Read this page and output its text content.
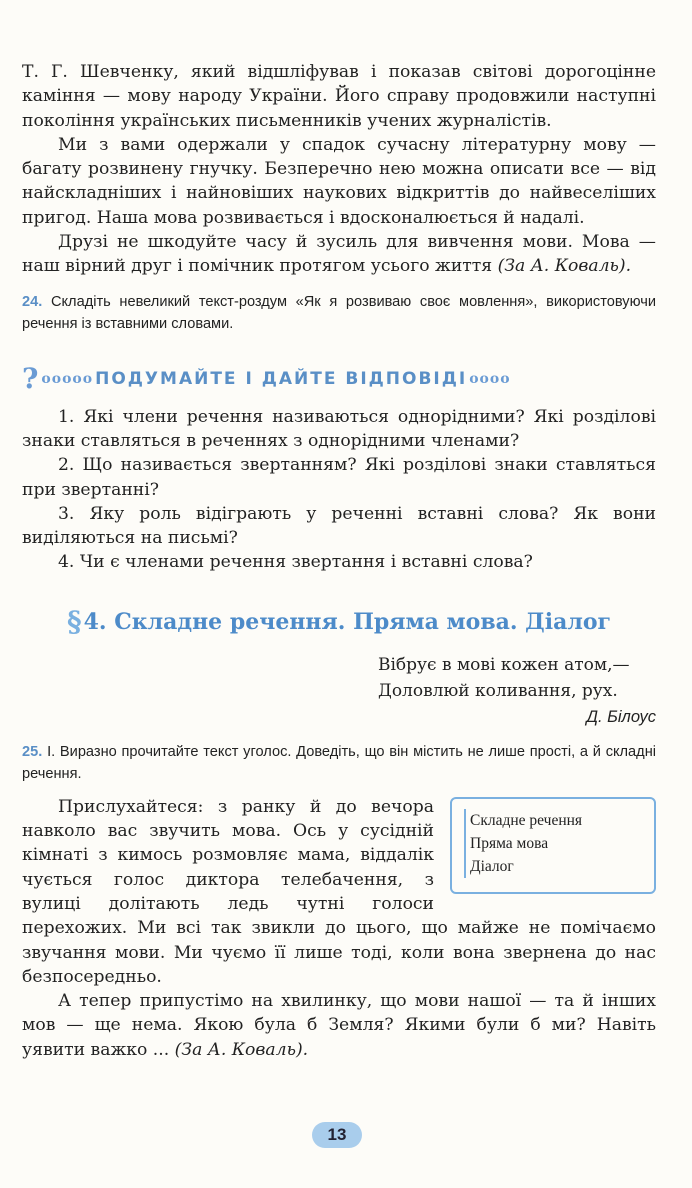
Т. Г. Шевченку, який відшліфував і показав світові дорогоцінне каміння — мову народу України. Його справу продовжили наступні покоління українських письменників учених журналістів.

Ми з вами одержали у спадок сучасну літературну мову — багату розвинену гнучку. Безперечно нею можна описати все — від найскладніших і найновіших наукових відкриттів до найвеселіших пригод. Наша мова розвивається і вдосконалюється й надалі.

Друзі не шкодуйте часу й зусиль для вивчення мови. Мова — наш вірний друг і помічник протягом усього життя (За А. Коваль).

24. Складіть невеликий текст-роздум «Як я розвиваю своє мовлення», використовуючи речення із вставними словами.

? ooooo ПОДУМАЙТЕ І ДАЙТЕ ВІДПОВІДІ oooo

1. Які члени речення називаються однорідними? Які розділові знаки ставляться в реченнях з однорідними членами?

2. Що називається звертанням? Які розділові знаки ставляться при звертанні?

3. Яку роль відіграють у реченні вставні слова? Як вони виділяються на письмі?

4. Чи є членами речення звертання і вставні слова?

§4. Складне речення. Пряма мова. Діалог
Вібрує в мові кожен атом,—
Доловлюй коливання, рух.
Д. Білоус

25. І. Виразно прочитайте текст уголос. Доведіть, що він містить не лише прості, а й складні речення.

Складне речення
Пряма мова
Діалог

Прислухайтеся: з ранку й до вечора навколо вас звучить мова. Ось у сусідній кімнаті з кимось розмовляє мама, віддалік чується голос диктора телебачення, з вулиці долітають ледь чутні голоси перехожих. Ми всі так звикли до цього, що майже не помічаємо звучання мови. Ми чуємо її лише тоді, коли вона звернена до нас безпосередньо.

А тепер припустімо на хвилинку, що мови нашої — та й інших мов — ще нема. Якою була б Земля? Якими були б ми? Навіть уявити важко ... (За А. Коваль).

13
